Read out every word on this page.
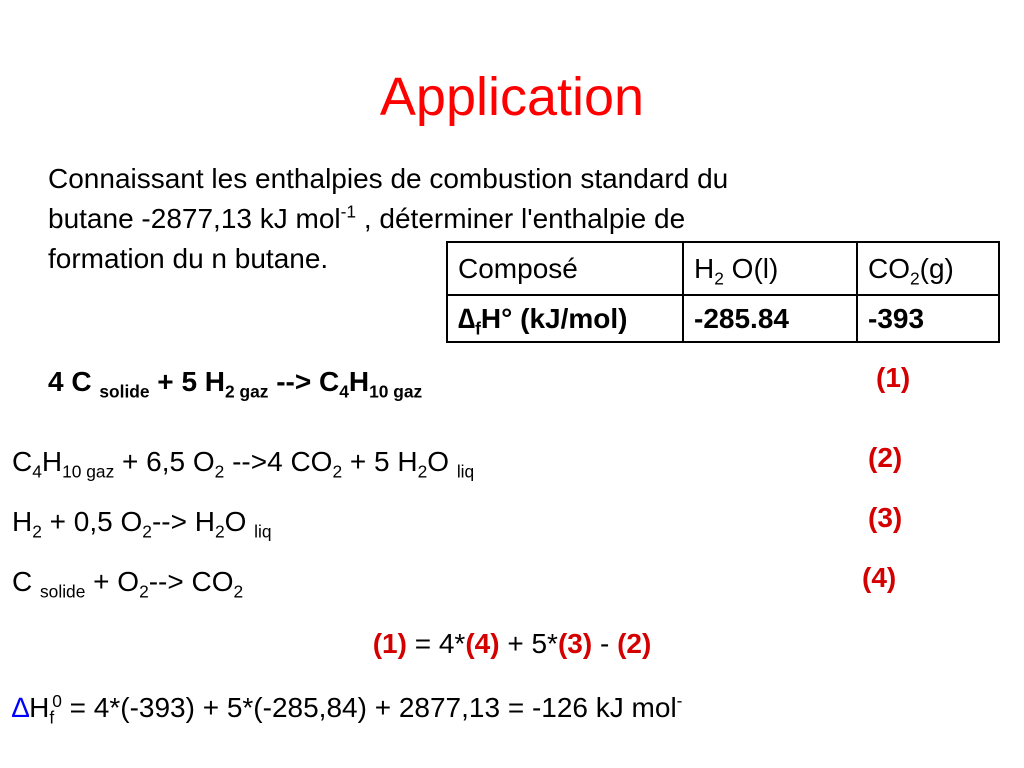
Application
Connaissant les enthalpies de combustion standard du
butane -2877,13 kJ mol$^{-1}$ , déterminer l'enthalpie de
formation du n butane.	Composé	$H_2$ O(l)	$CO_2(g)$
$\Delta_fH^\circ$ (kJ/mol)	-285.84	-393
4 C $_{solide}$ + 5 $H_2$ $_{gaz}$ --> $C_4H_{10}$ $_{gaz}$	(1)
$C_4H_{10}$ $_{gaz}$ + 6,5 $O_2$ -->4 $CO_2 + 5$ $H_2O$ $_{liq}$	(2)
$H_2 + 0,5$ $O_2--> H_2O$ $_{liq}$	(3)
C $_{solide} + O_2--> CO_2$	(4)
(1) = 4*(4) + 5*(3) - (2)
$\Delta H_f^0 = 4*(-393) + 5*(-285,84) + 2877,13 = -126$ kJ mol-
